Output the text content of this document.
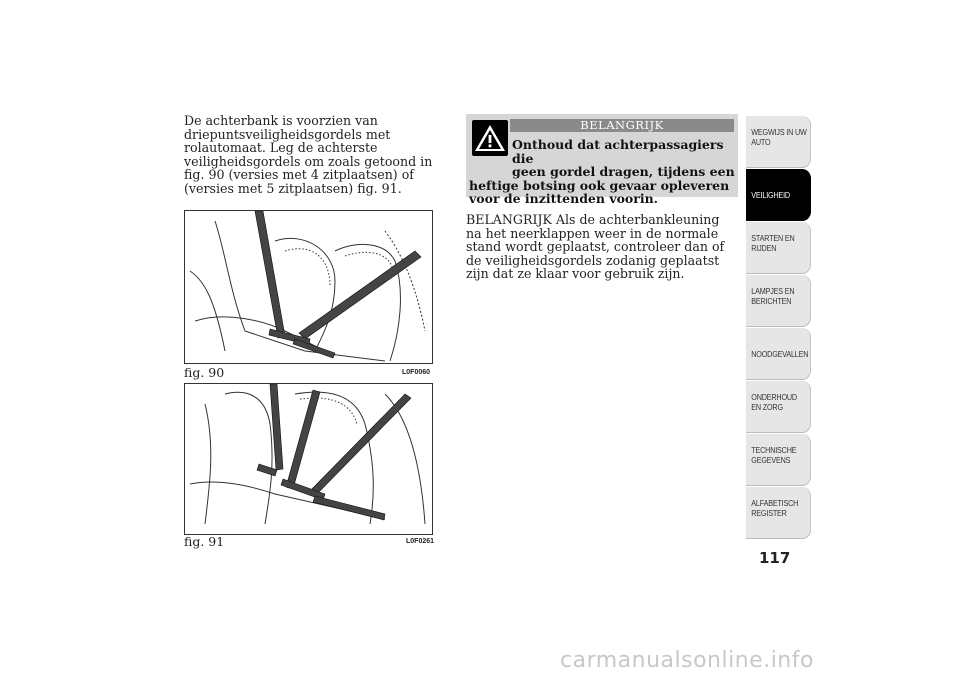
De achterbank is voorzien van driepuntsveiligheidsgordels met rolautomaat. Leg de achterste veiligheidsgordels om zoals getoond in fig. 90 (versies met 4 zitplaatsen) of (versies met 5 zitplaatsen) fig. 91.
fig. 90	L0F0060
fig. 91	L0F0261
BELANGRIJK
Onthoud dat achterpassagiers die
geen gordel dragen, tijdens een
heftige botsing ook gevaar opleveren voor de inzittenden voorin.
BELANGRIJK Als de achterbankleuning na het neerklappen weer in de normale stand wordt geplaatst, controleer dan of de veiligheidsgordels zodanig geplaatst zijn dat ze klaar voor gebruik zijn.
WEGWIJS IN UW AUTO
VEILIGHEID
STARTEN EN RIJDEN
LAMPJES EN BERICHTEN
NOODGEVALLEN
ONDERHOUD EN ZORG
TECHNISCHE GEGEVENS
ALFABETISCH REGISTER
117
carmanualsonline.info
